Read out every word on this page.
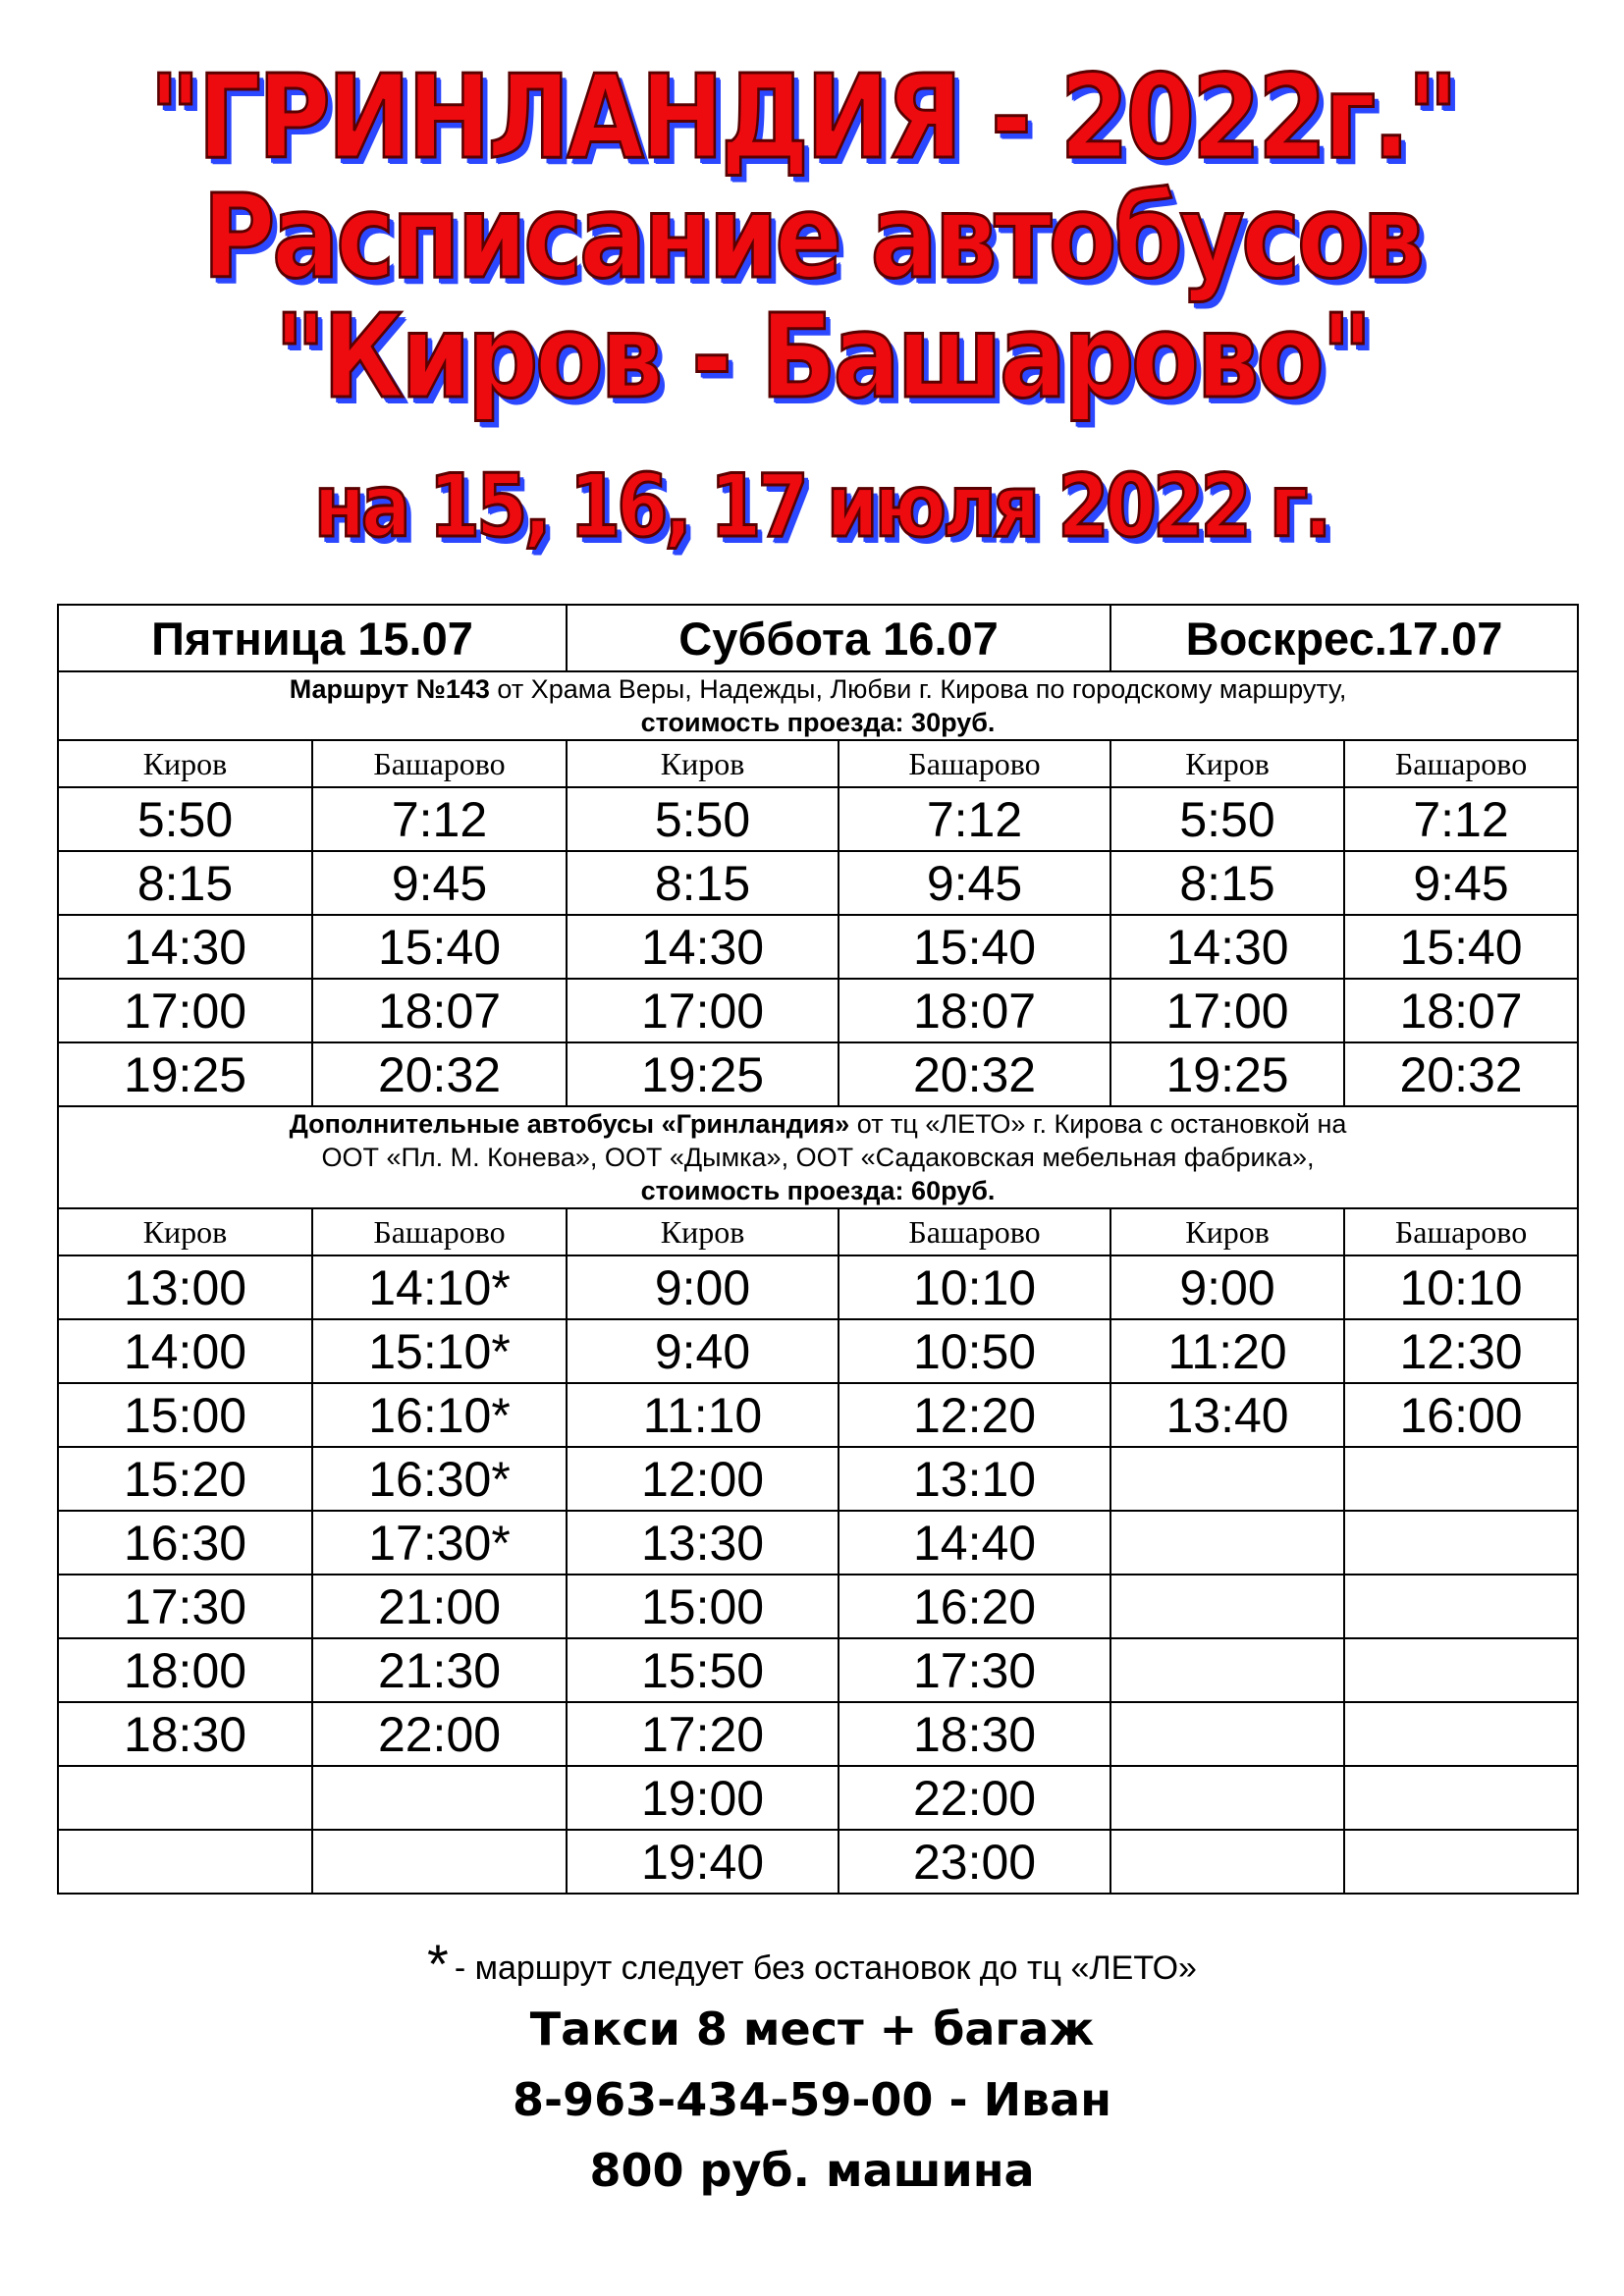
"ГРИНЛАНДИЯ - 2022г."
Расписание автобусов
"Киров - Башарово"
на 15, 16, 17 июля 2022 г.
Пятница 15.07		Суббота 16.07		Воскрес.17.07	
Маршрут №143 от Храма Веры, Надежды, Любви г. Кирова по городскому маршруту,
стоимость проезда: 30руб.					
Киров	Башарово	Киров	Башарово	Киров	Башарово
5:50	7:12	5:50	7:12	5:50	7:12
8:15	9:45	8:15	9:45	8:15	9:45
14:30	15:40	14:30	15:40	14:30	15:40
17:00	18:07	17:00	18:07	17:00	18:07
19:25	20:32	19:25	20:32	19:25	20:32
Дополнительные автобусы «Гринландия» от тц «ЛЕТО» г. Кирова с остановкой на
ООТ «Пл. М. Конева», ООТ «Дымка», ООТ «Садаковская мебельная фабрика»,
стоимость проезда: 60руб.					
Киров	Башарово	Киров	Башарово	Киров	Башарово
13:00	14:10*	9:00	10:10	9:00	10:10
14:00	15:10*	9:40	10:50	11:20	12:30
15:00	16:10*	11:10	12:20	13:40	16:00
15:20	16:30*	12:00	13:10		
16:30	17:30*	13:30	14:40		
17:30	21:00	15:00	16:20		
18:00	21:30	15:50	17:30		
18:30	22:00	17:20	18:30		
		19:00	22:00		
		19:40	23:00		
* - маршрут следует без остановок до тц «ЛЕТО»
Такси 8 мест + багаж
8-963-434-59-00 - Иван
800 руб. машина
